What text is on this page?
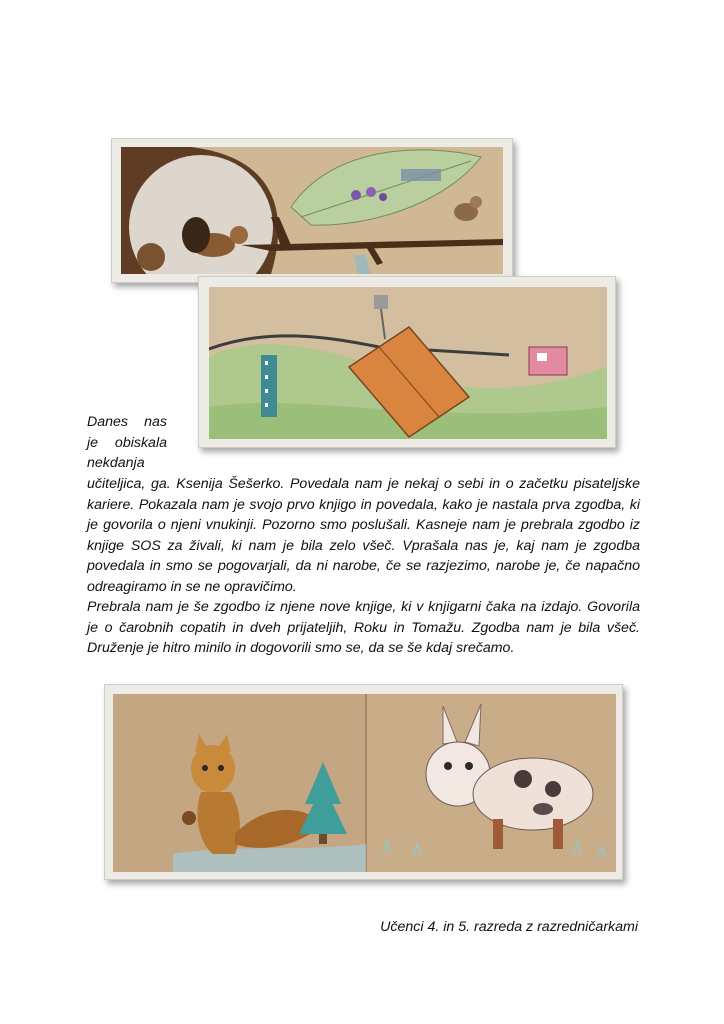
Danes nas
je obiskala
nekdanja

učiteljica, ga. Ksenija Šešerko. Povedala nam je nekaj o sebi in o začetku pisateljske kariere. Pokazala nam je svojo prvo knjigo in povedala, kako je nastala prva zgodba, ki je govorila o njeni vnukinji. Pozorno smo poslušali. Kasneje nam je prebrala zgodbo iz knjige SOS za živali, ki nam je bila zelo všeč. Vprašala nas je, kaj nam je zgodba povedala in smo se pogovarjali, da ni narobe, če se razjezimo, narobe je, če napačno odreagiramo in se ne opravičimo.

Prebrala nam je še zgodbo iz njene nove knjige, ki v knjigarni čaka na izdajo. Govorila je o čarobnih copatih in dveh prijateljih, Roku in Tomažu. Zgodba nam je bila všeč. Druženje je hitro minilo in dogovorili smo se, da se še kdaj srečamo.

Učenci 4. in 5. razreda z razredničarkami
